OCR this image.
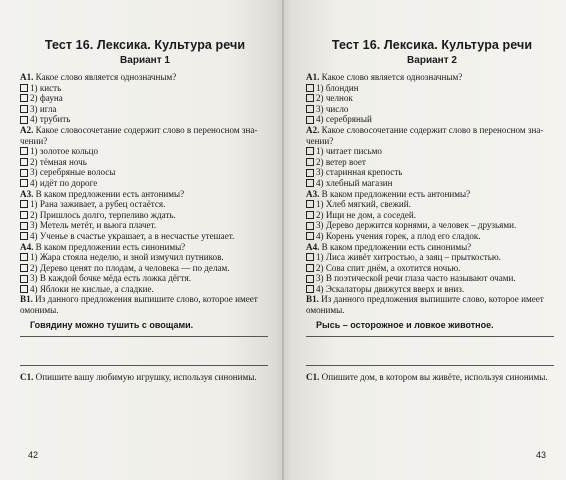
Тест 16. Лексика. Культура речи
Вариант 1
А1. Какое слово является однозначным?
1) кисть
2) фауна
3) игла
4) трубить
А2. Какое словосочетание содержит слово в переносном зна-
чении?
1) золотое кольцо
2) тёмная ночь
3) серебряные волосы
4) идёт по дороге
А3. В каком предложении есть антонимы?
1) Рана заживает, а рубец остаётся.
2) Пришлось долго, терпеливо ждать.
3) Метель метёт, и вьюга плачет.
4) Ученье в счастье украшает, а в несчастье утешает.
А4. В каком предложении есть синонимы?
1) Жара стояла неделю, и зной измучил путников.
2) Дерево ценят по плодам, а человека — по делам.
3) В каждой бочке мёда есть ложка дёгтя.
4) Яблоки не кислые, а сладкие.
В1. Из данного предложения выпишите слово, которое имеет
омонимы.
Говядину можно тушить с овощами.
С1. Опишите вашу любимую игрушку, используя синонимы.
42
Тест 16. Лексика. Культура речи
Вариант 2
А1. Какое слово является однозначным?
1) блондин
2) челнок
3) число
4) серебряный
А2. Какое словосочетание содержит слово в переносном зна-
чении?
1) читает письмо
2) ветер воет
3) старинная крепость
4) хлебный магазин
А3. В каком предложении есть антонимы?
1) Хлеб мягкий, свежий.
2) Ищи не дом, а соседей.
3) Дерево держится корнями, а человек – друзьями.
4) Корень учения горек, а плод его сладок.
А4. В каком предложении есть синонимы?
1) Лиса живёт хитростью, а заяц – прыткостью.
2) Сова спит днём, а охотится ночью.
3) В поэтической речи глаза часто называют очами.
4) Эскалаторы движутся вверх и вниз.
В1. Из данного предложения выпишите слово, которое имеет
омонимы.
Рысь – осторожное и ловкое животное.
С1. Опишите дом, в котором вы живёте, используя синонимы.
43
